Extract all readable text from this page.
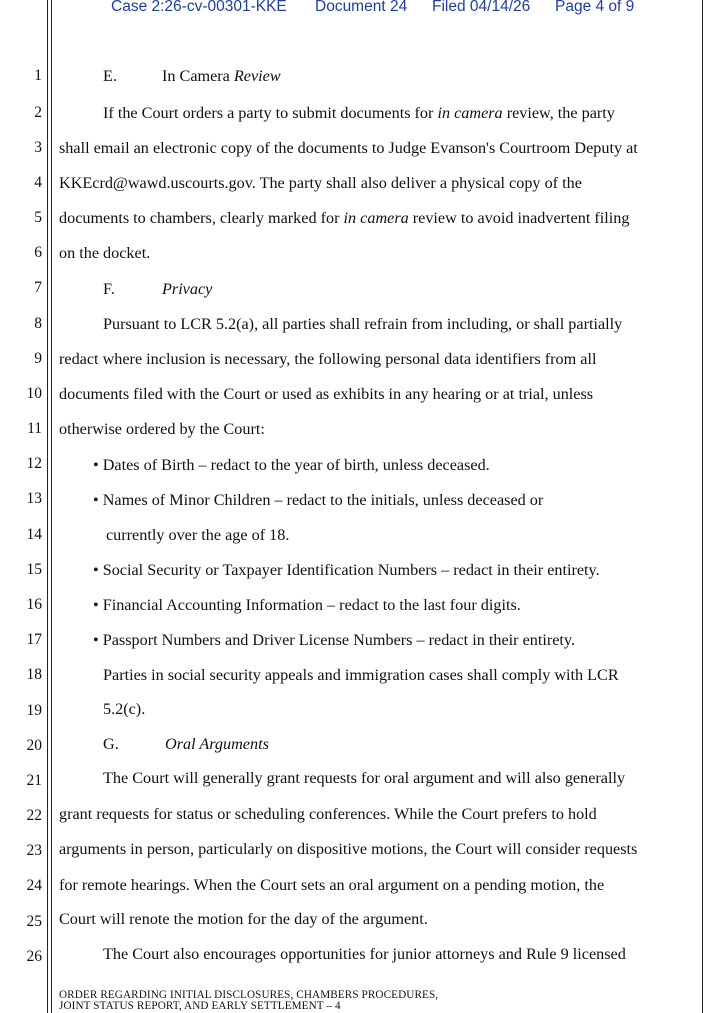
Case 2:26-cv-00301-KKE Document 24 Filed 04/14/26 Page 4 of 9
1
2
3
4
5
6
7
8
9
10
11
12
13
14
15
16
17
18
19
20
21
22
23
24
25
26
E.	In Camera Review
If the Court orders a party to submit documents for in camera review, the party
shall email an electronic copy of the documents to Judge Evanson's Courtroom Deputy at
KKEcrd@wawd.uscourts.gov. The party shall also deliver a physical copy of the
documents to chambers, clearly marked for in camera review to avoid inadvertent filing
on the docket.
F.	Privacy
Pursuant to LCR 5.2(a), all parties shall refrain from including, or shall partially
redact where inclusion is necessary, the following personal data identifiers from all
documents filed with the Court or used as exhibits in any hearing or at trial, unless
otherwise ordered by the Court:
• Dates of Birth – redact to the year of birth, unless deceased.
• Names of Minor Children – redact to the initials, unless deceased or
currently over the age of 18.
• Social Security or Taxpayer Identification Numbers – redact in their entirety.
• Financial Accounting Information – redact to the last four digits.
• Passport Numbers and Driver License Numbers – redact in their entirety.
Parties in social security appeals and immigration cases shall comply with LCR
5.2(c).
G.	Oral Arguments
The Court will generally grant requests for oral argument and will also generally
grant requests for status or scheduling conferences. While the Court prefers to hold
arguments in person, particularly on dispositive motions, the Court will consider requests
for remote hearings. When the Court sets an oral argument on a pending motion, the
Court will renote the motion for the day of the argument.
The Court also encourages opportunities for junior attorneys and Rule 9 licensed
ORDER REGARDING INITIAL DISCLOSURES, CHAMBERS PROCEDURES,
JOINT STATUS REPORT, AND EARLY SETTLEMENT – 4
